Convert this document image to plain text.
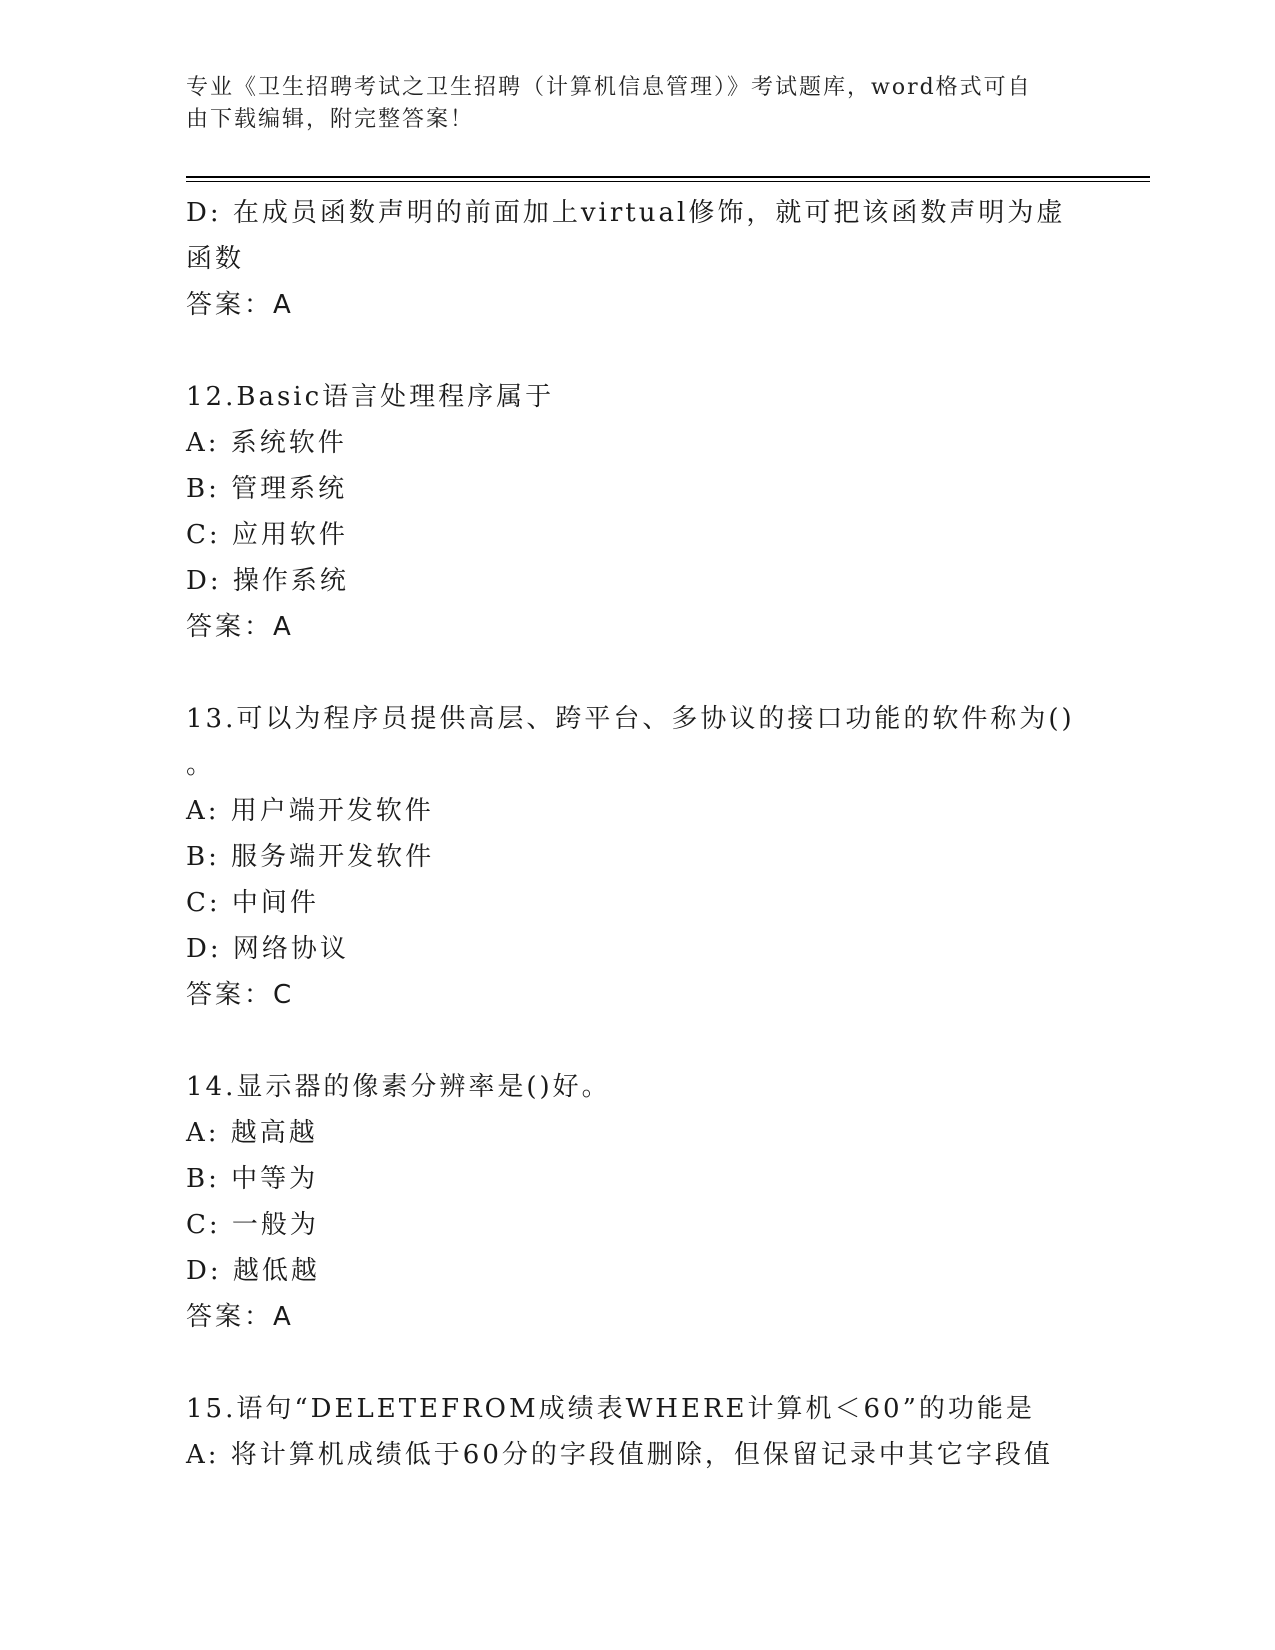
专业《卫生招聘考试之卫生招聘（计算机信息管理）》考试题库，word格式可自
由下载编辑，附完整答案！
D: 在成员函数声明的前面加上virtual修饰，就可把该函数声明为虚
函数
答案：A
12.Basic语言处理程序属于
A: 系统软件
B: 管理系统
C: 应用软件
D: 操作系统
答案：A
13.可以为程序员提供高层、跨平台、多协议的接口功能的软件称为()
。
A: 用户端开发软件
B: 服务端开发软件
C: 中间件
D: 网络协议
答案：C
14.显示器的像素分辨率是()好。
A: 越高越
B: 中等为
C: 一般为
D: 越低越
答案：A
15.语句“DELETEFROM成绩表WHERE计算机＜60”的功能是
A: 将计算机成绩低于60分的字段值删除，但保留记录中其它字段值
